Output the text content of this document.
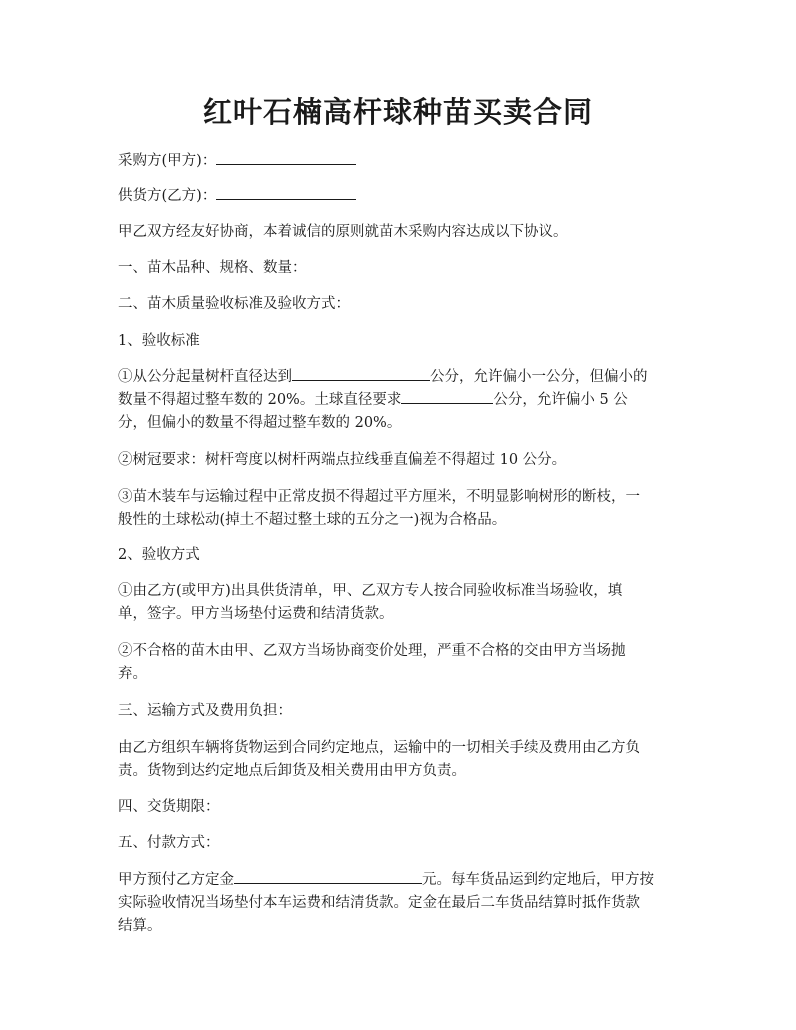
红叶石楠高杆球种苗买卖合同
采购方(甲方)：
供货方(乙方)：
甲乙双方经友好协商，本着诚信的原则就苗木采购内容达成以下协议。
一、苗木品种、规格、数量：
二、苗木质量验收标准及验收方式：
1、验收标准
①从公分起量树杆直径达到	公分，允许偏小一公分，但偏小的
数量不得超过整车数的 20%。土球直径要求	公分，允许偏小 5 公
分，但偏小的数量不得超过整车数的 20%。
②树冠要求：树杆弯度以树杆两端点拉线垂直偏差不得超过 10 公分。
③苗木装车与运输过程中正常皮损不得超过平方厘米，不明显影响树形的断枝，一
般性的土球松动(掉土不超过整土球的五分之一)视为合格品。
2、验收方式
①由乙方(或甲方)出具供货清单，甲、乙双方专人按合同验收标准当场验收，填
单，签字。甲方当场垫付运费和结清货款。
②不合格的苗木由甲、乙双方当场协商变价处理，严重不合格的交由甲方当场抛
弃。
三、运输方式及费用负担：
由乙方组织车辆将货物运到合同约定地点，运输中的一切相关手续及费用由乙方负
责。货物到达约定地点后卸货及相关费用由甲方负责。
四、交货期限：
五、付款方式：
甲方预付乙方定金	元。每车货品运到约定地后，甲方按
实际验收情况当场垫付本车运费和结清货款。定金在最后二车货品结算时抵作货款
结算。
